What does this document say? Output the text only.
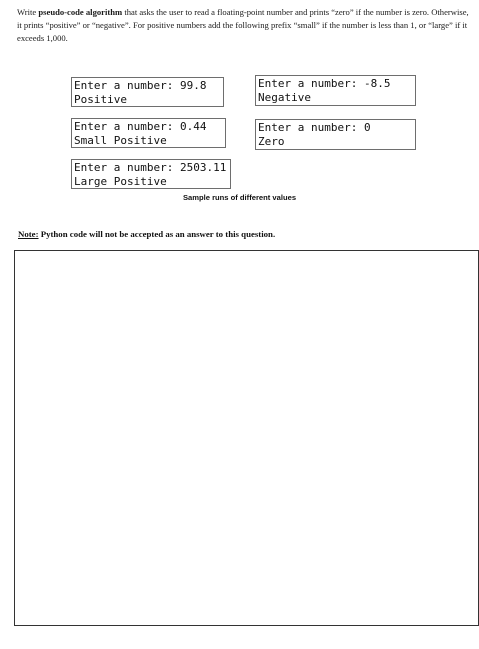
Write pseudo-code algorithm that asks the user to read a floating-point number and prints “zero” if the number is zero. Otherwise, it prints “positive” or “negative”. For positive numbers add the following prefix “small” if the number is less than 1, or “large” if it exceeds 1,000.
Enter a number: 99.8
Positive
Enter a number: -8.5
Negative
Enter a number: 0.44
Small Positive
Enter a number: 0
Zero
Enter a number: 2503.11
Large Positive
Sample runs of different values
Note: Python code will not be accepted as an answer to this question.
